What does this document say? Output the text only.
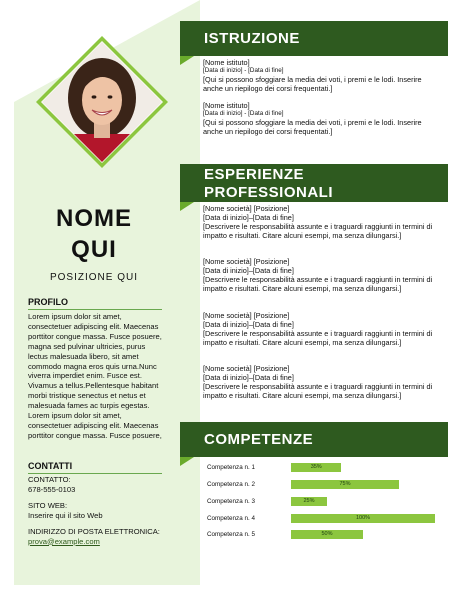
NOME
QUI
POSIZIONE QUI
PROFILO
Lorem ipsum dolor sit amet, consectetuer adipiscing elit. Maecenas porttitor congue massa. Fusce posuere, magna sed pulvinar ultricies, purus lectus malesuada libero, sit amet commodo magna eros quis urna.Nunc viverra imperdiet enim. Fusce est. Vivamus a tellus.Pellentesque habitant morbi tristique senectus et netus et malesuada fames ac turpis egestas. Lorem ipsum dolor sit amet, consectetuer adipiscing elit. Maecenas porttitor congue massa. Fusce posuere,
CONTATTI
CONTATTO:
678-555-0103
SITO WEB:
Inserire qui il sito Web
INDIRIZZO DI POSTA ELETTRONICA:
prova@example.com
ISTRUZIONE
[Nome istituto]
[Data di inizio] - [Data di fine]
[Qui si possono sfoggiare la media dei voti, i premi e le lodi. Inserire anche un riepilogo dei corsi frequentati.]
[Nome istituto]
[Data di inizio] - [Data di fine]
[Qui si possono sfoggiare la media dei voti, i premi e le lodi. Inserire anche un riepilogo dei corsi frequentati.]
ESPERIENZE
PROFESSIONALI
[Nome società] [Posizione]
[Data di inizio]–[Data di fine]
[Descrivere le responsabilità assunte e i traguardi raggiunti in termini di impatto e risultati. Citare alcuni esempi, ma senza dilungarsi.]
[Nome società] [Posizione]
[Data di inizio]–[Data di fine]
[Descrivere le responsabilità assunte e i traguardi raggiunti in termini di impatto e risultati. Citare alcuni esempi, ma senza dilungarsi.]
[Nome società] [Posizione]
[Data di inizio]–[Data di fine]
[Descrivere le responsabilità assunte e i traguardi raggiunti in termini di impatto e risultati. Citare alcuni esempi, ma senza dilungarsi.]
[Nome società] [Posizione]
[Data di inizio]–[Data di fine]
[Descrivere le responsabilità assunte e i traguardi raggiunti in termini di impatto e risultati. Citare alcuni esempi, ma senza dilungarsi.]
COMPETENZE
Competenza n. 1	35%
Competenza n. 2	75%
Competenza n. 3	25%
Competenza n. 4	100%
Competenza n. 5	50%
